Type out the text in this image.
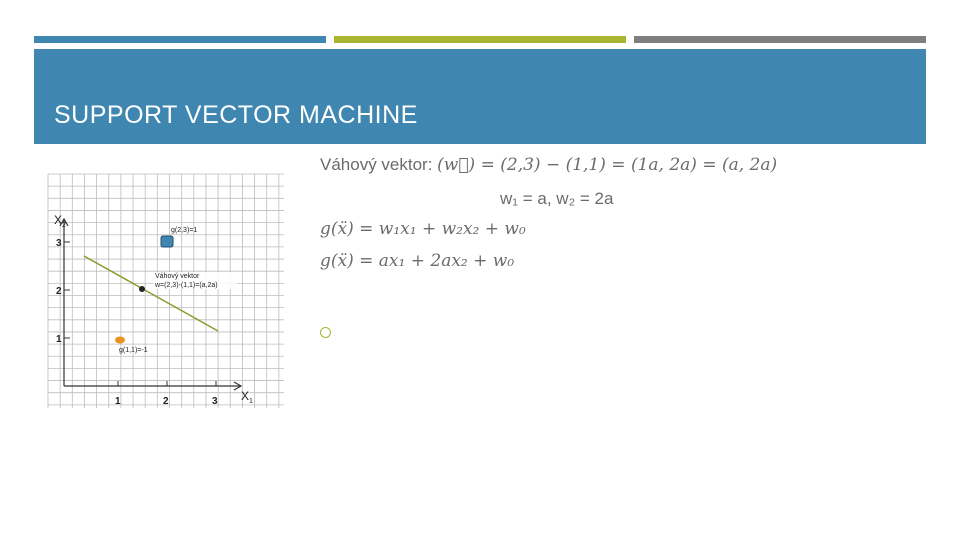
SUPPORT VECTOR MACHINE
X 2
X 1
1	2	3
1
2
3
g(2,3)=1
g(1,1)=-1
Váhový vektor
w=(2,3)-(1,1)=(a,2a)
Váhový vektor: (w⃗) = (2,3) − (1,1) = (1a, 2a) = (a, 2a)
w₁ = a, w₂ = 2a
g(ẍ) = w₁x₁ + w₂x₂ + w₀
g(ẍ) = ax₁ + 2ax₂ + w₀
